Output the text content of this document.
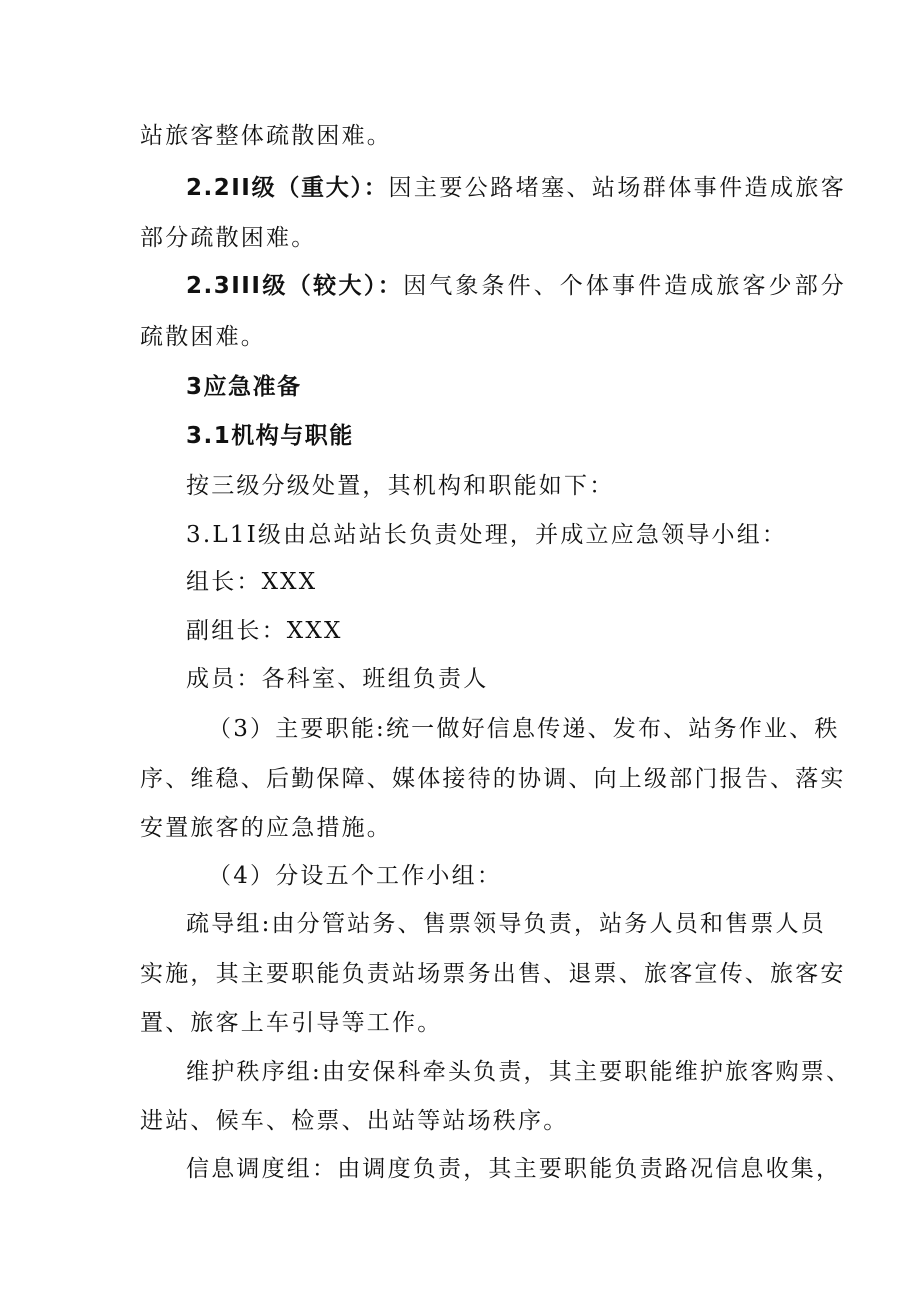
站旅客整体疏散困难。
2.2II级（重大）：因主要公路堵塞、站场群体事件造成旅客
部分疏散困难。
2.3III级（较大）：因气象条件、个体事件造成旅客少部分
疏散困难。
3应急准备
3.1机构与职能
按三级分级处置，其机构和职能如下：
3.L1I级由总站站长负责处理，并成立应急领导小组：
组长：XXX
副组长：XXX
成员：各科室、班组负责人
（3）主要职能:统一做好信息传递、发布、站务作业、秩
序、维稳、后勤保障、媒体接待的协调、向上级部门报告、落实
安置旅客的应急措施。
（4）分设五个工作小组：
疏导组:由分管站务、售票领导负责，站务人员和售票人员
实施，其主要职能负责站场票务出售、退票、旅客宣传、旅客安
置、旅客上车引导等工作。
维护秩序组:由安保科牵头负责，其主要职能维护旅客购票、
进站、候车、检票、出站等站场秩序。
信息调度组：由调度负责，其主要职能负责路况信息收集，
